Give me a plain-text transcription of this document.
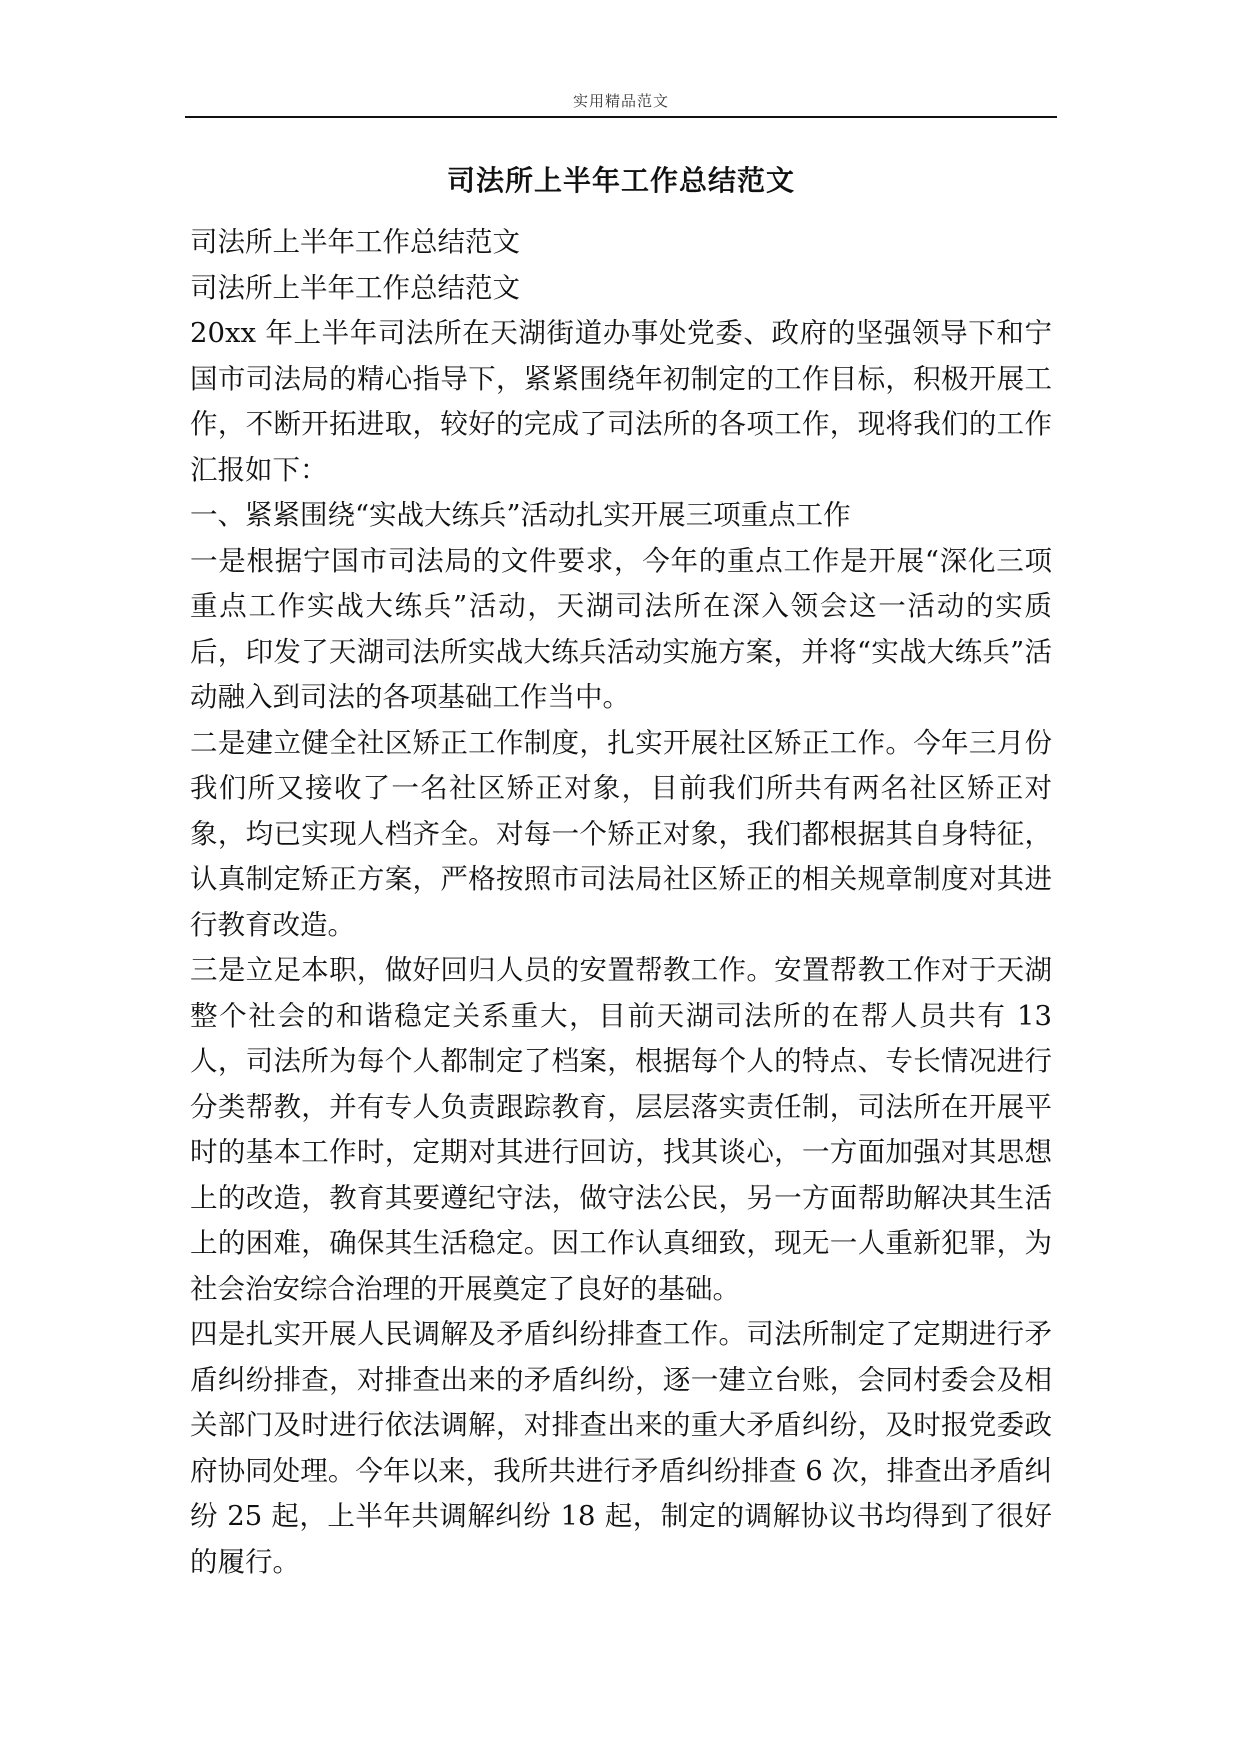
实用精品范文
司法所上半年工作总结范文

司法所上半年工作总结范文

司法所上半年工作总结范文

20xx 年上半年司法所在天湖街道办事处党委、政府的坚强领导下和宁国市司法局的精心指导下，紧紧围绕年初制定的工作目标，积极开展工作，不断开拓进取，较好的完成了司法所的各项工作，现将我们的工作汇报如下：

一、紧紧围绕“实战大练兵”活动扎实开展三项重点工作

一是根据宁国市司法局的文件要求，今年的重点工作是开展“深化三项重点工作实战大练兵”活动，天湖司法所在深入领会这一活动的实质后，印发了天湖司法所实战大练兵活动实施方案，并将“实战大练兵”活动融入到司法的各项基础工作当中。

二是建立健全社区矫正工作制度，扎实开展社区矫正工作。今年三月份我们所又接收了一名社区矫正对象，目前我们所共有两名社区矫正对象，均已实现人档齐全。对每一个矫正对象，我们都根据其自身特征，认真制定矫正方案，严格按照市司法局社区矫正的相关规章制度对其进行教育改造。

三是立足本职，做好回归人员的安置帮教工作。安置帮教工作对于天湖整个社会的和谐稳定关系重大，目前天湖司法所的在帮人员共有 13 人，司法所为每个人都制定了档案，根据每个人的特点、专长情况进行分类帮教，并有专人负责跟踪教育，层层落实责任制，司法所在开展平时的基本工作时，定期对其进行回访，找其谈心，一方面加强对其思想上的改造，教育其要遵纪守法，做守法公民，另一方面帮助解决其生活上的困难，确保其生活稳定。因工作认真细致，现无一人重新犯罪，为社会治安综合治理的开展奠定了良好的基础。

四是扎实开展人民调解及矛盾纠纷排查工作。司法所制定了定期进行矛盾纠纷排查，对排查出来的矛盾纠纷，逐一建立台账，会同村委会及相关部门及时进行依法调解，对排查出来的重大矛盾纠纷，及时报党委政府协同处理。今年以来，我所共进行矛盾纠纷排查 6 次，排查出矛盾纠纷 25 起，上半年共调解纠纷 18 起，制定的调解协议书均得到了很好的履行。
